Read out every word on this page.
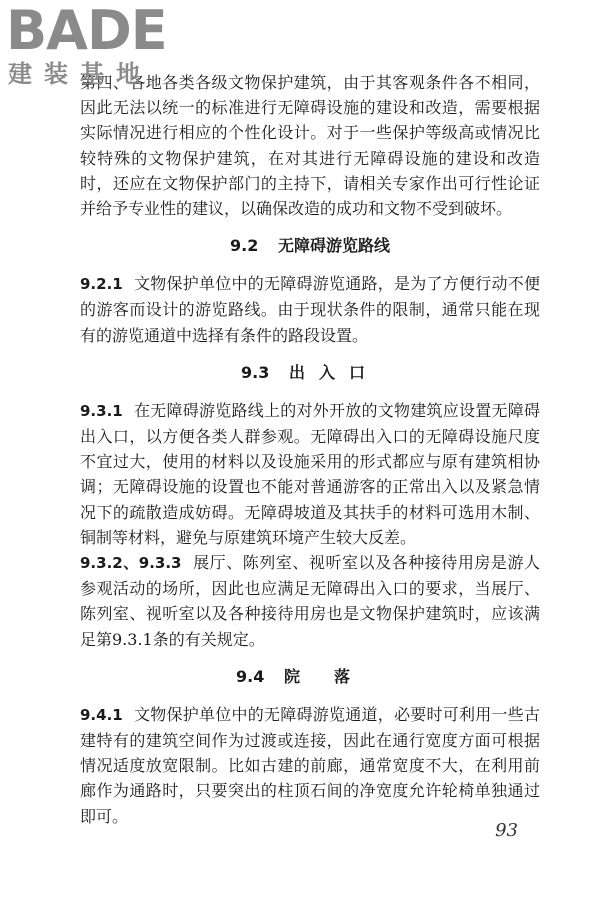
BADE
建装基地

第四、各地各类各级文物保护建筑，由于其客观条件各不相同，因此无法以统一的标准进行无障碍设施的建设和改造，需要根据实际情况进行相应的个性化设计。对于一些保护等级高或情况比较特殊的文物保护建筑，在对其进行无障碍设施的建设和改造时，还应在文物保护部门的主持下，请相关专家作出可行性论证并给予专业性的建议，以确保改造的成功和文物不受到破坏。

9.2 无障碍游览路线

9.2.1 文物保护单位中的无障碍游览通路，是为了方便行动不便的游客而设计的游览路线。由于现状条件的限制，通常只能在现有的游览通道中选择有条件的路段设置。

9.3 出入口

9.3.1 在无障碍游览路线上的对外开放的文物建筑应设置无障碍出入口，以方便各类人群参观。无障碍出入口的无障碍设施尺度不宜过大，使用的材料以及设施采用的形式都应与原有建筑相协调；无障碍设施的设置也不能对普通游客的正常出入以及紧急情况下的疏散造成妨碍。无障碍坡道及其扶手的材料可选用木制、铜制等材料，避免与原建筑环境产生较大反差。

9.3.2、9.3.3 展厅、陈列室、视听室以及各种接待用房是游人参观活动的场所，因此也应满足无障碍出入口的要求，当展厅、陈列室、视听室以及各种接待用房也是文物保护建筑时，应该满足第9.3.1条的有关规定。

9.4 院落

9.4.1 文物保护单位中的无障碍游览通道，必要时可利用一些古建特有的建筑空间作为过渡或连接，因此在通行宽度方面可根据情况适度放宽限制。比如古建的前廊，通常宽度不大，在利用前廊作为通路时，只要突出的柱顶石间的净宽度允许轮椅单独通过即可。

93
